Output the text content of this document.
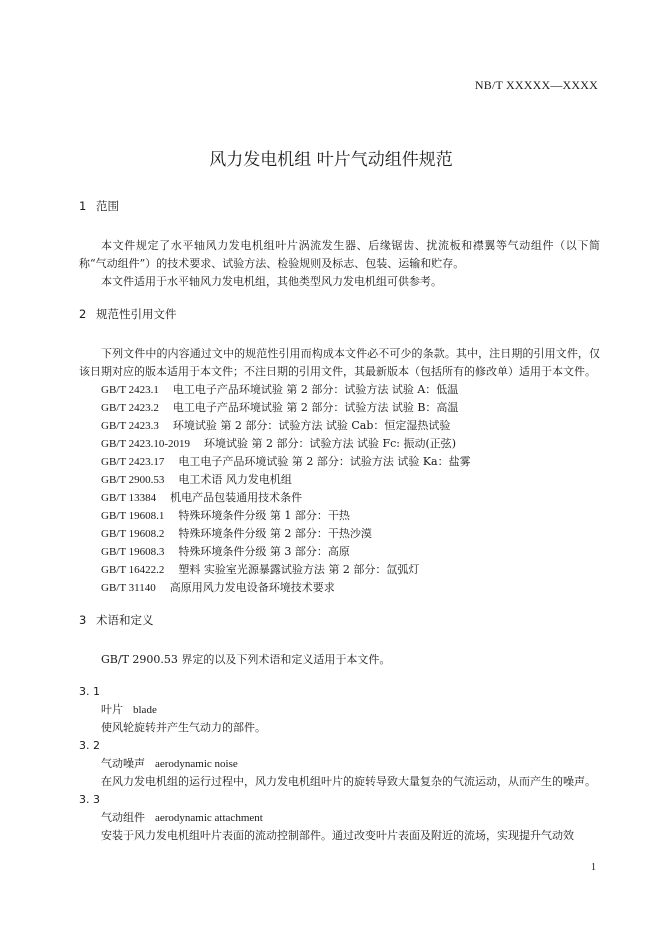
NB/T XXXXX—XXXX
风力发电机组 叶片气动组件规范
1 范围

本文件规定了水平轴风力发电机组叶片涡流发生器、后缘锯齿、扰流板和襟翼等气动组件（以下简称“气动组件”）的技术要求、试验方法、检验规则及标志、包装、运输和贮存。

本文件适用于水平轴风力发电机组，其他类型风力发电机组可供参考。

2 规范性引用文件

下列文件中的内容通过文中的规范性引用而构成本文件必不可少的条款。其中，注日期的引用文件，仅该日期对应的版本适用于本文件；不注日期的引用文件，其最新版本（包括所有的修改单）适用于本文件。

GB/T 2423.1 电工电子产品环境试验 第 2 部分：试验方法 试验 A：低温
GB/T 2423.2 电工电子产品环境试验 第 2 部分：试验方法 试验 B：高温
GB/T 2423.3 环境试验 第 2 部分：试验方法 试验 Cab：恒定湿热试验
GB/T 2423.10-2019 环境试验 第 2 部分：试验方法 试验 Fc: 振动(正弦)
GB/T 2423.17 电工电子产品环境试验 第 2 部分：试验方法 试验 Ka：盐雾
GB/T 2900.53 电工术语 风力发电机组
GB/T 13384 机电产品包装通用技术条件
GB/T 19608.1 特殊环境条件分级 第 1 部分：干热
GB/T 19608.2 特殊环境条件分级 第 2 部分：干热沙漠
GB/T 19608.3 特殊环境条件分级 第 3 部分：高原
GB/T 16422.2 塑料 实验室光源暴露试验方法 第 2 部分：氙弧灯
GB/T 31140 高原用风力发电设备环境技术要求
3 术语和定义

GB/T 2900.53 界定的以及下列术语和定义适用于本文件。

3. 1
叶片 blade

使风轮旋转并产生气动力的部件。

3. 2
气动噪声 aerodynamic noise

在风力发电机组的运行过程中，风力发电机组叶片的旋转导致大量复杂的气流运动，从而产生的噪声。

3. 3
气动组件 aerodynamic attachment

安装于风力发电机组叶片表面的流动控制部件。通过改变叶片表面及附近的流场，实现提升气动效

1
